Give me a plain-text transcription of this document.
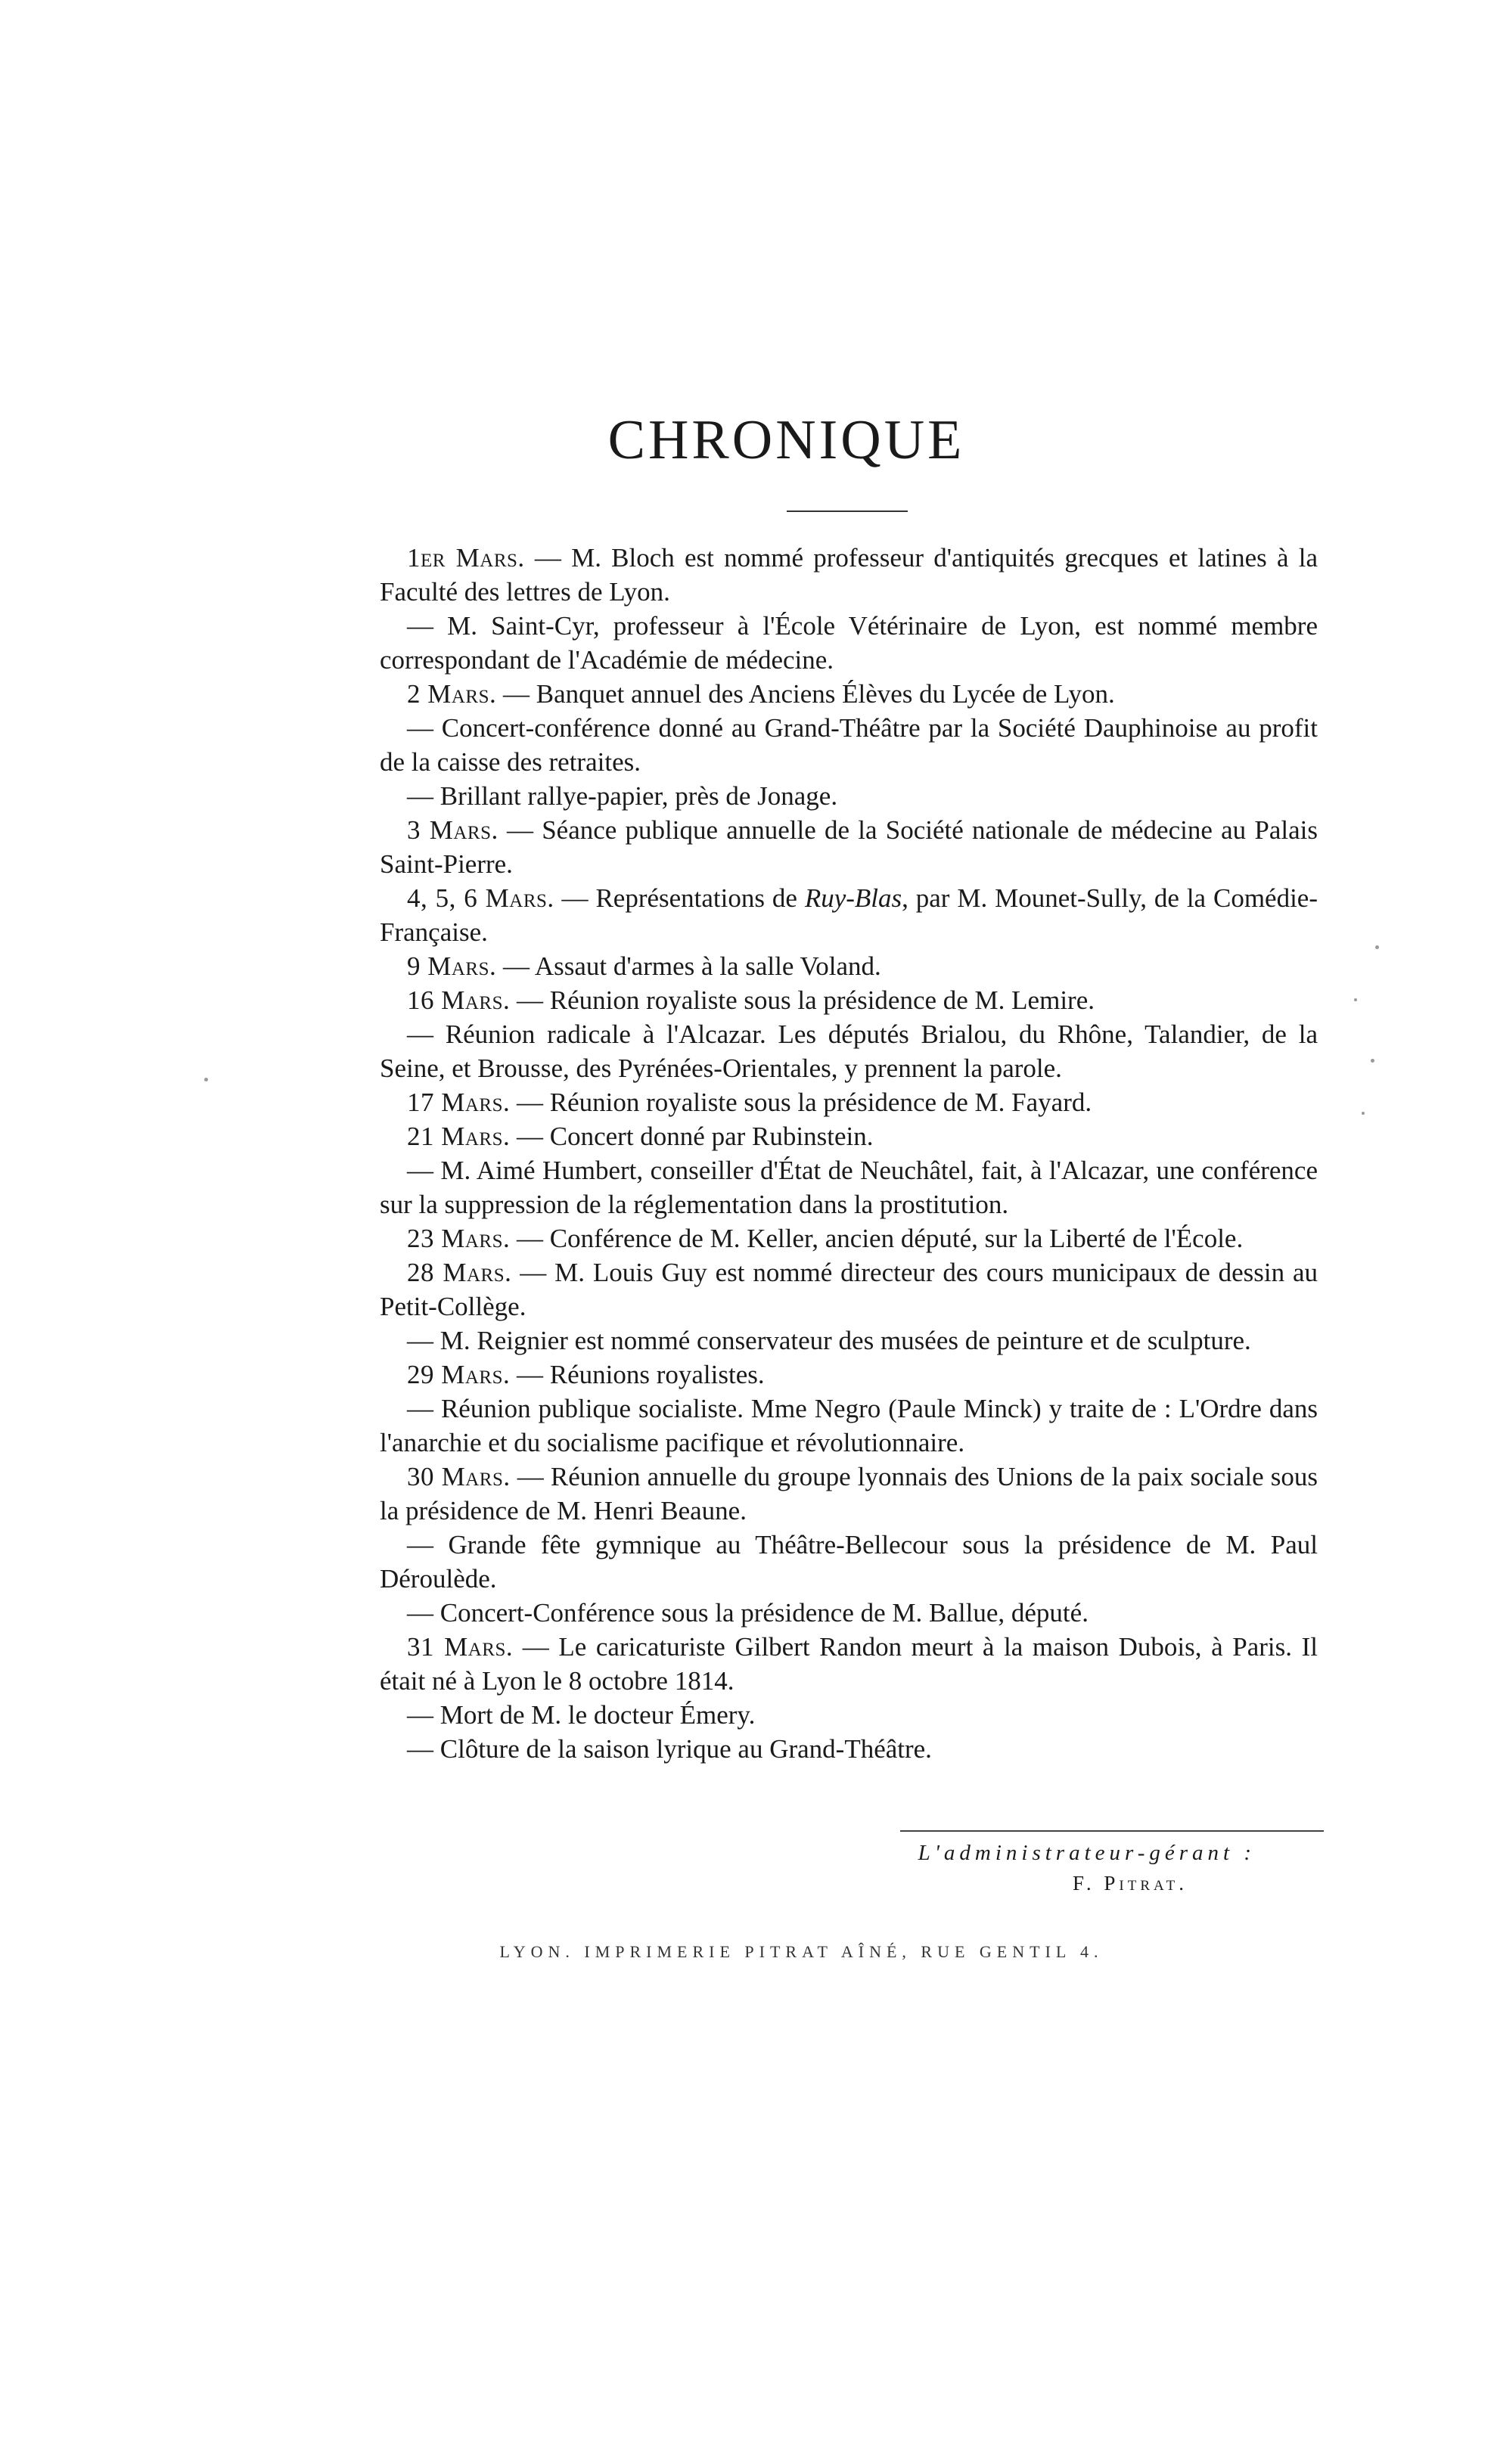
CHRONIQUE

1er Mars. — M. Bloch est nommé professeur d'antiquités grecques et latines à la Faculté des lettres de Lyon.

— M. Saint-Cyr, professeur à l'École Vétérinaire de Lyon, est nommé membre correspondant de l'Académie de médecine.

2 Mars. — Banquet annuel des Anciens Élèves du Lycée de Lyon.

— Concert-conférence donné au Grand-Théâtre par la Société Dauphinoise au profit de la caisse des retraites.

— Brillant rallye-papier, près de Jonage.

3 Mars. — Séance publique annuelle de la Société nationale de médecine au Palais Saint-Pierre.

4, 5, 6 Mars. — Représentations de Ruy-Blas, par M. Mounet-Sully, de la Comédie-Française.

9 Mars. — Assaut d'armes à la salle Voland.

16 Mars. — Réunion royaliste sous la présidence de M. Lemire.

— Réunion radicale à l'Alcazar. Les députés Brialou, du Rhône, Talandier, de la Seine, et Brousse, des Pyrénées-Orientales, y prennent la parole.

17 Mars. — Réunion royaliste sous la présidence de M. Fayard.

21 Mars. — Concert donné par Rubinstein.

— M. Aimé Humbert, conseiller d'État de Neuchâtel, fait, à l'Alcazar, une conférence sur la suppression de la réglementation dans la prostitution.

23 Mars. — Conférence de M. Keller, ancien député, sur la Liberté de l'École.

28 Mars. — M. Louis Guy est nommé directeur des cours municipaux de dessin au Petit-Collège.

— M. Reignier est nommé conservateur des musées de peinture et de sculpture.

29 Mars. — Réunions royalistes.

— Réunion publique socialiste. Mme Negro (Paule Minck) y traite de : L'Ordre dans l'anarchie et du socialisme pacifique et révolutionnaire.

30 Mars. — Réunion annuelle du groupe lyonnais des Unions de la paix sociale sous la présidence de M. Henri Beaune.

— Grande fête gymnique au Théâtre-Bellecour sous la présidence de M. Paul Déroulède.

— Concert-Conférence sous la présidence de M. Ballue, député.

31 Mars. — Le caricaturiste Gilbert Randon meurt à la maison Dubois, à Paris. Il était né à Lyon le 8 octobre 1814.

— Mort de M. le docteur Émery.

— Clôture de la saison lyrique au Grand-Théâtre.

L'administrateur-gérant :
F. Pitrat.
LYON. IMPRIMERIE PITRAT AÎNÉ, RUE GENTIL 4.
